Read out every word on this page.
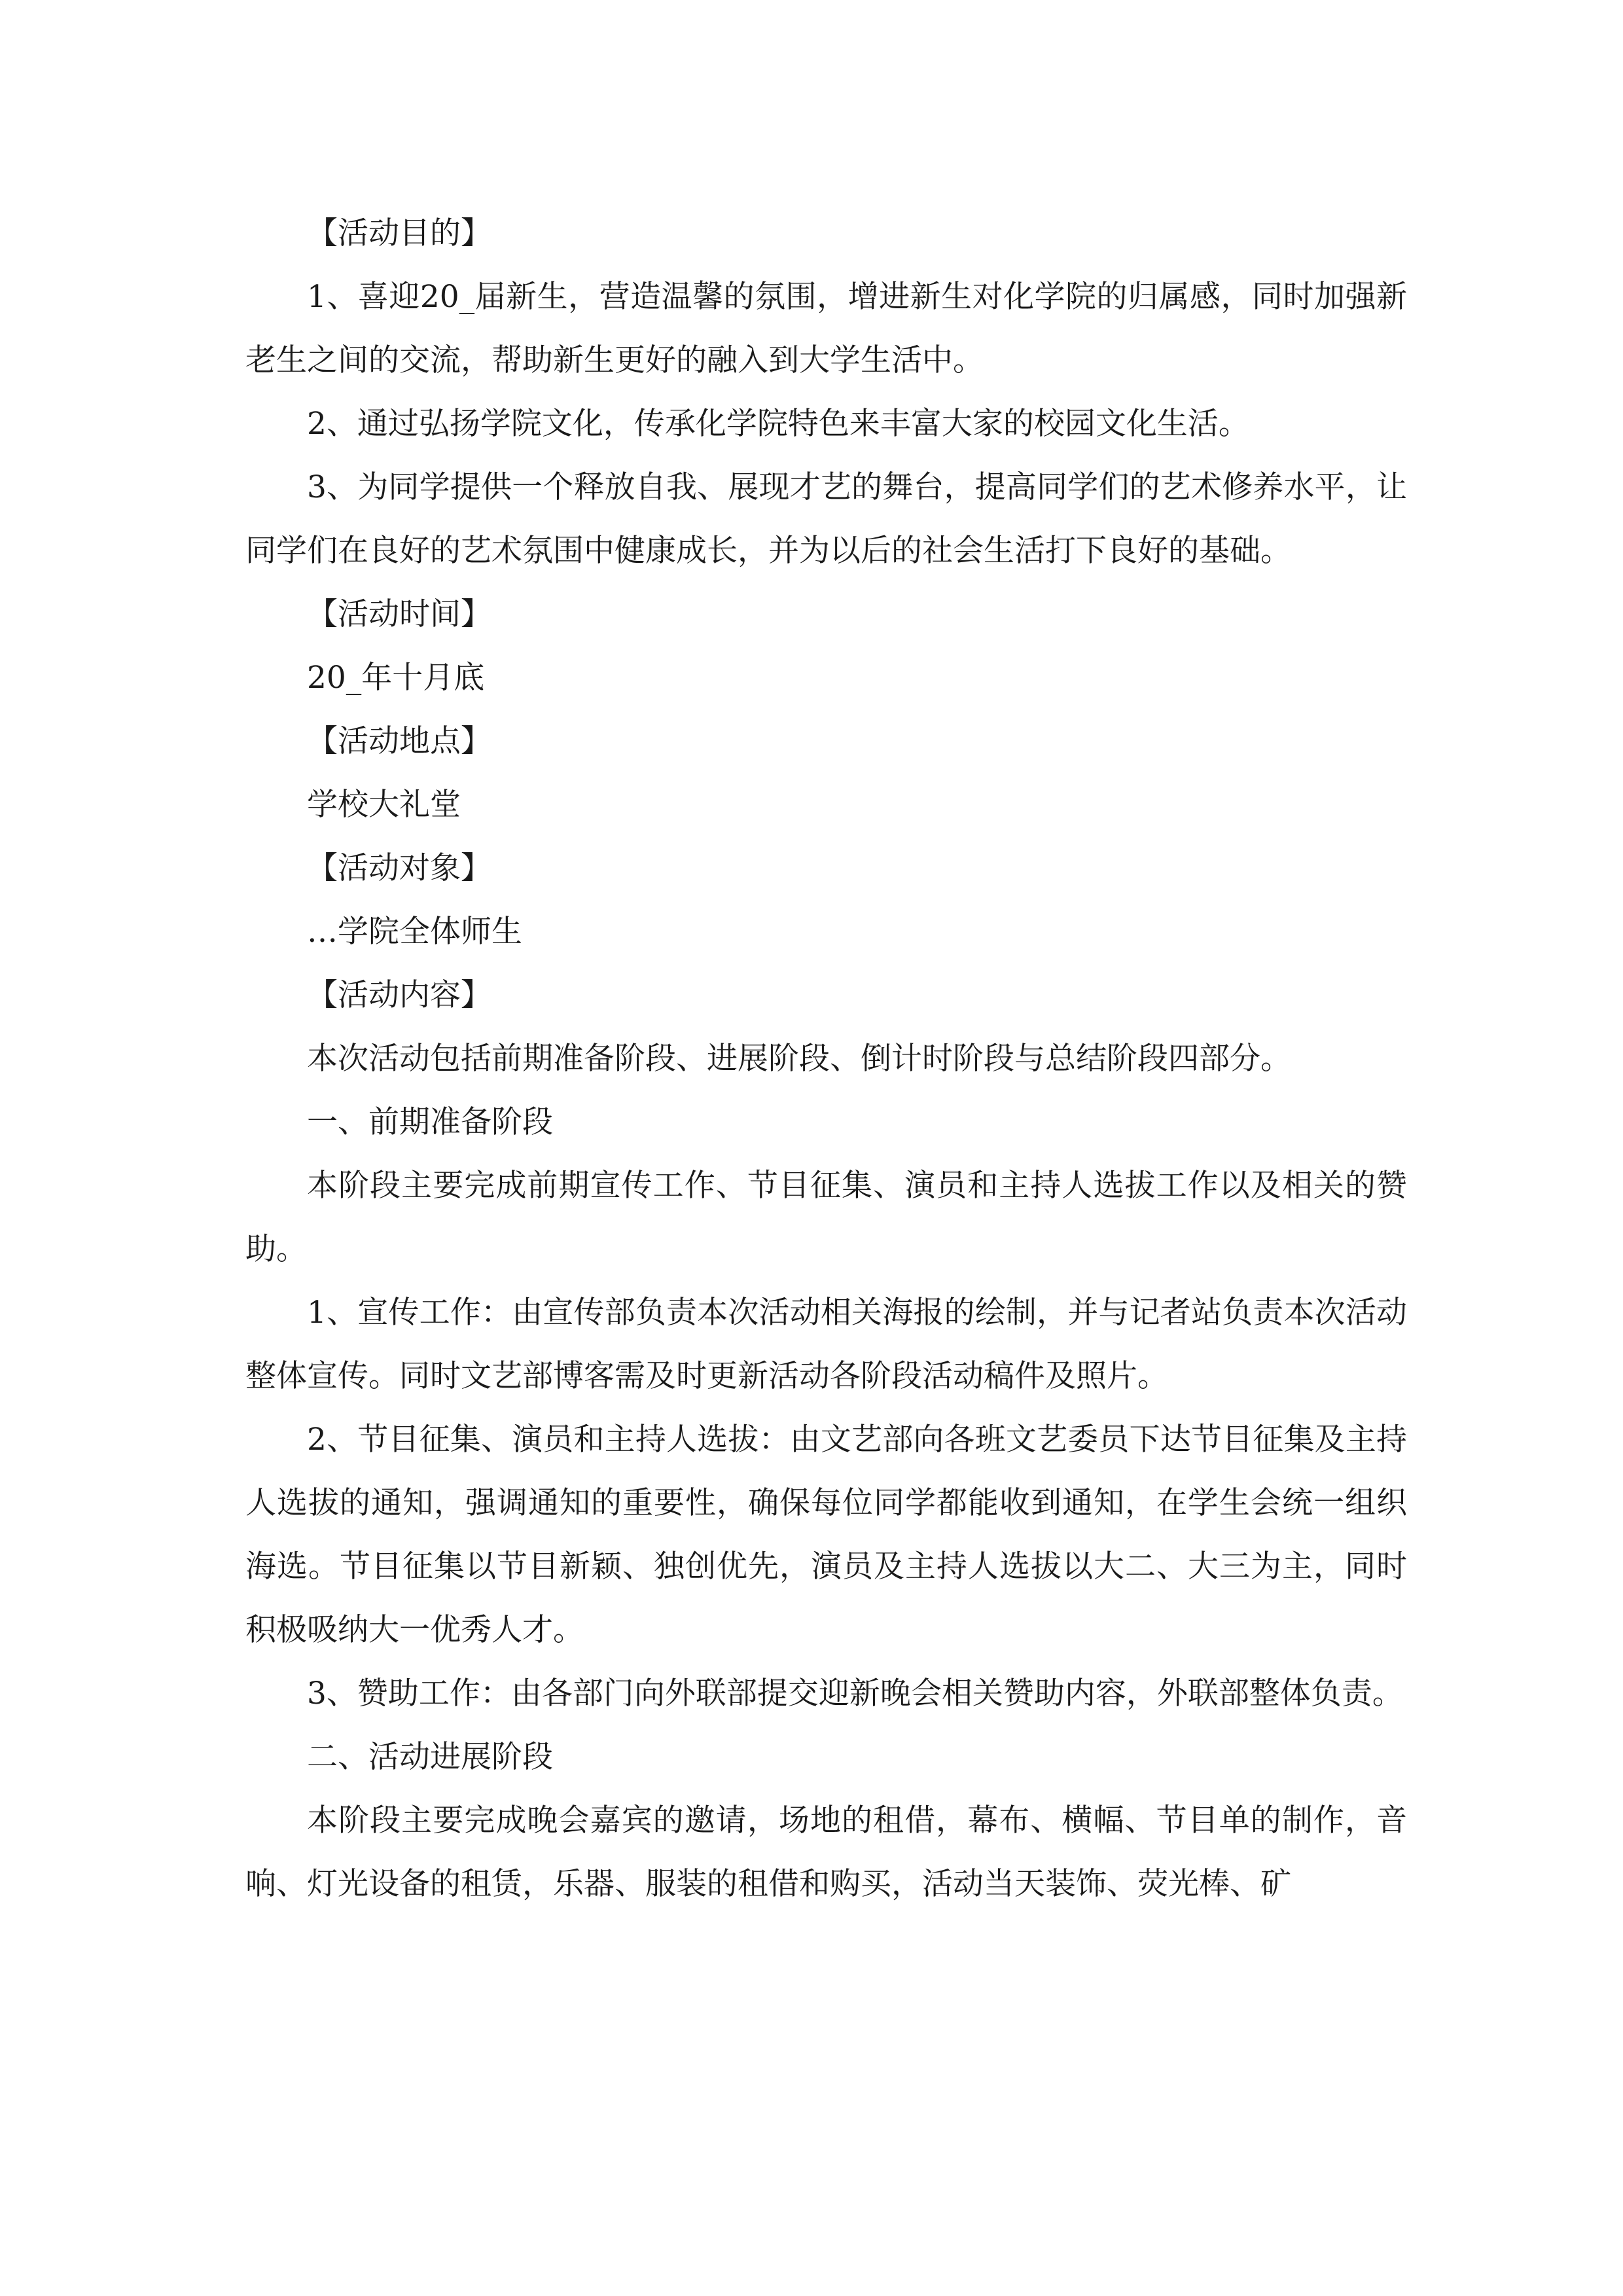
【活动目的】

1、喜迎20_届新生，营造温馨的氛围，增进新生对化学院的归属感，同时加强新老生之间的交流，帮助新生更好的融入到大学生活中。

2、通过弘扬学院文化，传承化学院特色来丰富大家的校园文化生活。

3、为同学提供一个释放自我、展现才艺的舞台，提高同学们的艺术修养水平，让同学们在良好的艺术氛围中健康成长，并为以后的社会生活打下良好的基础。

【活动时间】

20_年十月底

【活动地点】

学校大礼堂

【活动对象】

…学院全体师生

【活动内容】

本次活动包括前期准备阶段、进展阶段、倒计时阶段与总结阶段四部分。

一、前期准备阶段

本阶段主要完成前期宣传工作、节目征集、演员和主持人选拔工作以及相关的赞助。

1、宣传工作：由宣传部负责本次活动相关海报的绘制，并与记者站负责本次活动整体宣传。同时文艺部博客需及时更新活动各阶段活动稿件及照片。

2、节目征集、演员和主持人选拔：由文艺部向各班文艺委员下达节目征集及主持人选拔的通知，强调通知的重要性，确保每位同学都能收到通知，在学生会统一组织海选。节目征集以节目新颖、独创优先，演员及主持人选拔以大二、大三为主，同时积极吸纳大一优秀人才。

3、赞助工作：由各部门向外联部提交迎新晚会相关赞助内容，外联部整体负责。

二、活动进展阶段

本阶段主要完成晚会嘉宾的邀请，场地的租借，幕布、横幅、节目单的制作，音响、灯光设备的租赁，乐器、服装的租借和购买，活动当天装饰、荧光棒、矿
